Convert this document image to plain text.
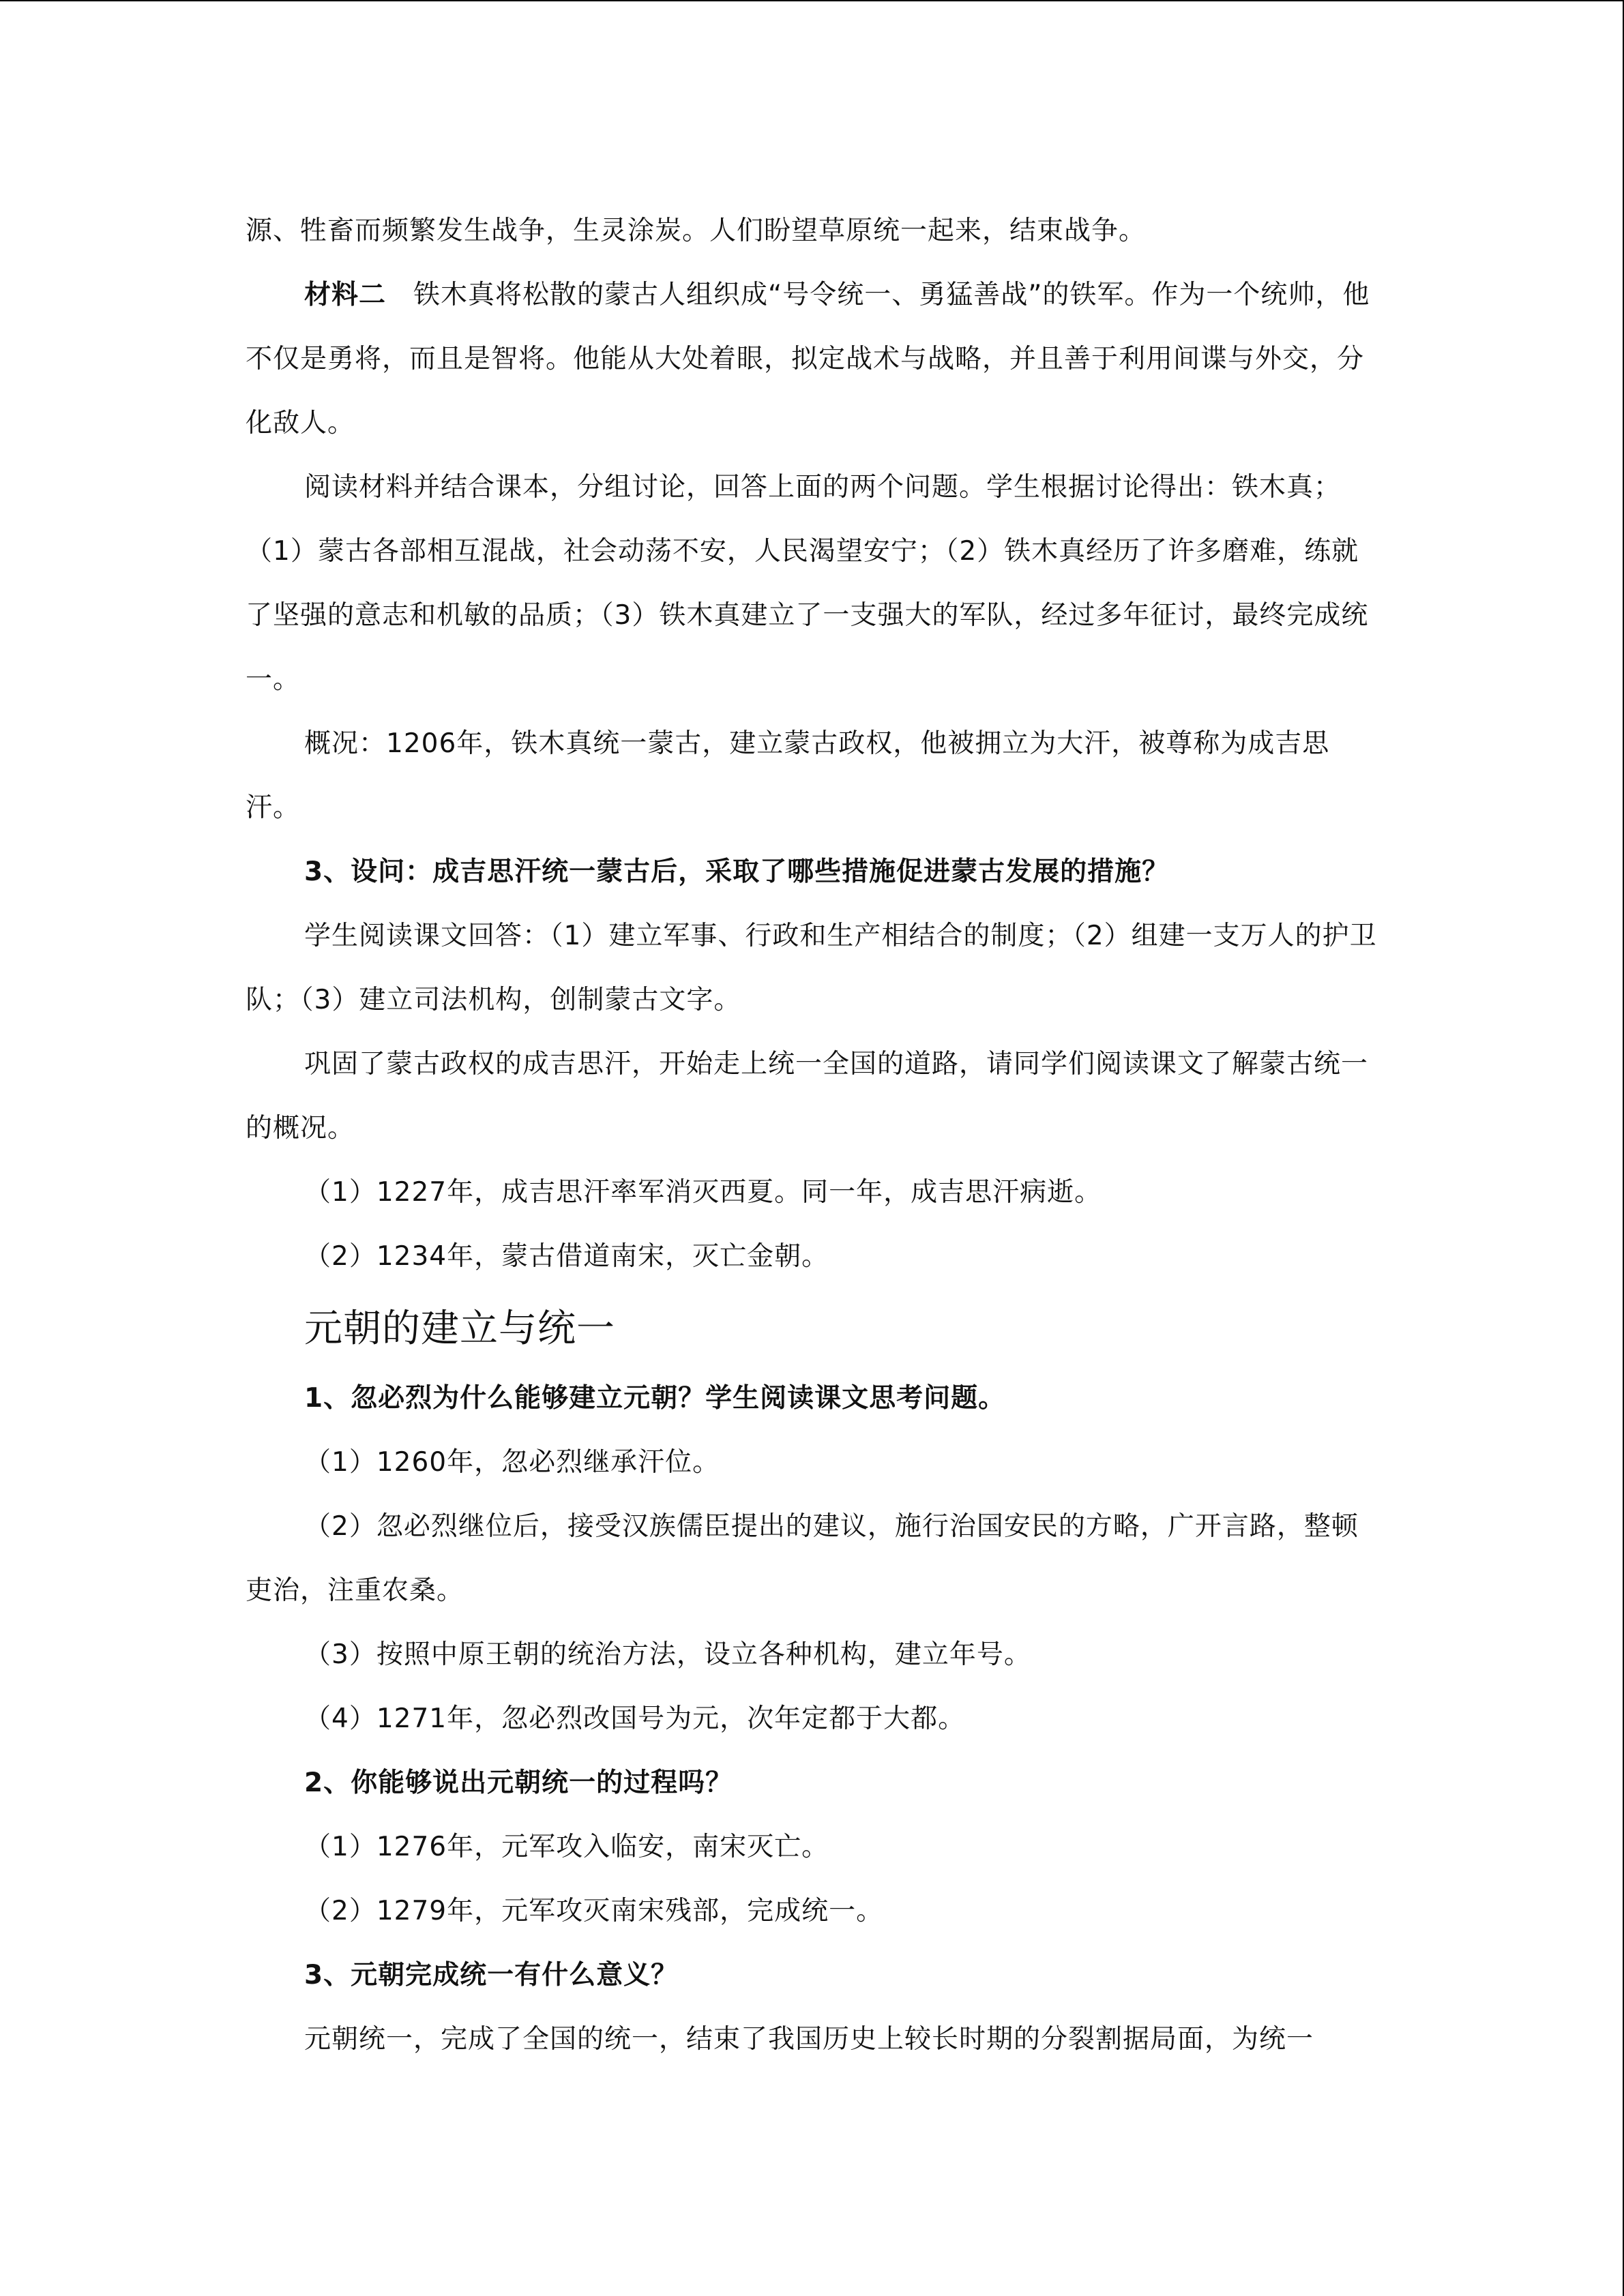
源、牲畜而频繁发生战争，生灵涂炭。人们盼望草原统一起来，结束战争。

材料二 铁木真将松散的蒙古人组织成“号令统一、勇猛善战”的铁军。作为一个统帅，他不仅是勇将，而且是智将。他能从大处着眼，拟定战术与战略，并且善于利用间谍与外交，分化敌人。

阅读材料并结合课本，分组讨论，回答上面的两个问题。学生根据讨论得出：铁木真；（1）蒙古各部相互混战，社会动荡不安，人民渴望安宁；（2）铁木真经历了许多磨难，练就了坚强的意志和机敏的品质；（3）铁木真建立了一支强大的军队，经过多年征讨，最终完成统一。

概况：1206年，铁木真统一蒙古，建立蒙古政权，他被拥立为大汗，被尊称为成吉思汗。

3、设问：成吉思汗统一蒙古后，采取了哪些措施促进蒙古发展的措施？

学生阅读课文回答：（1）建立军事、行政和生产相结合的制度；（2）组建一支万人的护卫队；（3）建立司法机构，创制蒙古文字。

巩固了蒙古政权的成吉思汗，开始走上统一全国的道路，请同学们阅读课文了解蒙古统一的概况。

（1）1227年，成吉思汗率军消灭西夏。同一年，成吉思汗病逝。

（2）1234年，蒙古借道南宋，灭亡金朝。

元朝的建立与统一

1、忽必烈为什么能够建立元朝？学生阅读课文思考问题。

（1）1260年，忽必烈继承汗位。

（2）忽必烈继位后，接受汉族儒臣提出的建议，施行治国安民的方略，广开言路，整顿吏治，注重农桑。

（3）按照中原王朝的统治方法，设立各种机构，建立年号。

（4）1271年，忽必烈改国号为元，次年定都于大都。

2、你能够说出元朝统一的过程吗？

（1）1276年，元军攻入临安，南宋灭亡。

（2）1279年，元军攻灭南宋残部，完成统一。

3、元朝完成统一有什么意义？

元朝统一，完成了全国的统一，结束了我国历史上较长时期的分裂割据局面，为统一
